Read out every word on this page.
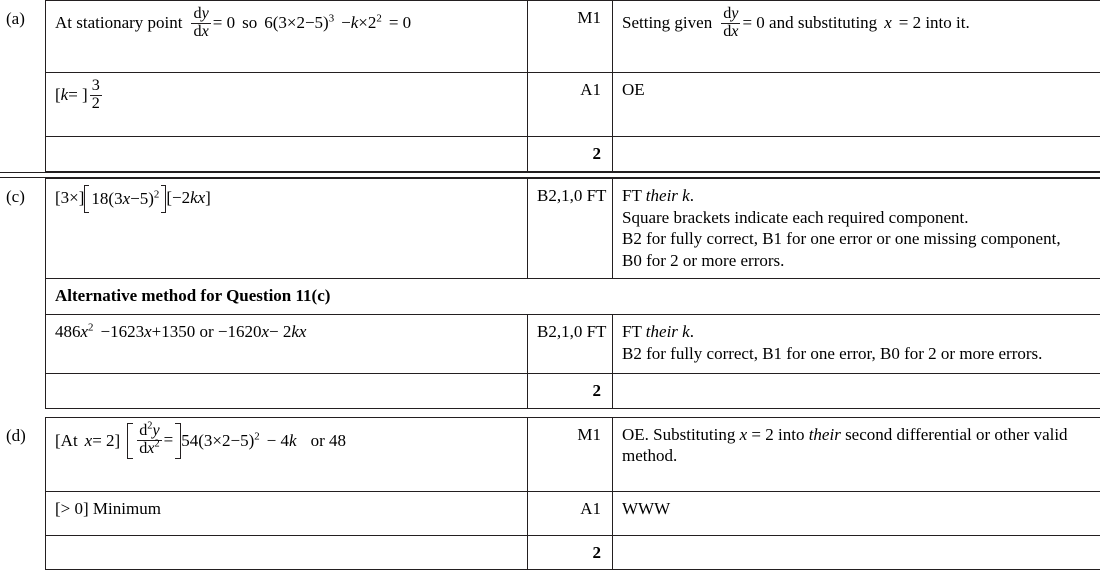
(a)	At stationary point $\frac{dy}{dx} = 0$ so $6(3\times 2-5)^3 -k\times 2^2 = 0$	M1	Setting given $\frac{dy}{dx} = 0$ and substituting x = 2 into it.
[k= ] $\frac{3}{2}$	A1	OE
	2	
(c)	[3×] $18(3x-5)^2$ [−2kx]	B2,1,0 FT	FT their k.
Square brackets indicate each required component.
B2 for fully correct, B1 for one error or one missing component,
B0 for 2 or more errors.

Alternative method for Question 11(c)		
$486x^2 -1623x+1350$ or −1620x− 2kx	B2,1,0 FT	FT their k.
B2 for fully correct, B1 for one error, B0 for 2 or more errors.

	2	
(d)	[At $x= 2] \frac{d^2y}{dx^2} = 54(3\times 2-5)^2 - 4k$ or 48	M1	OE. Substituting x = 2 into their second differential or other valid method.
[> 0] Minimum	A1	WWW
	2	
